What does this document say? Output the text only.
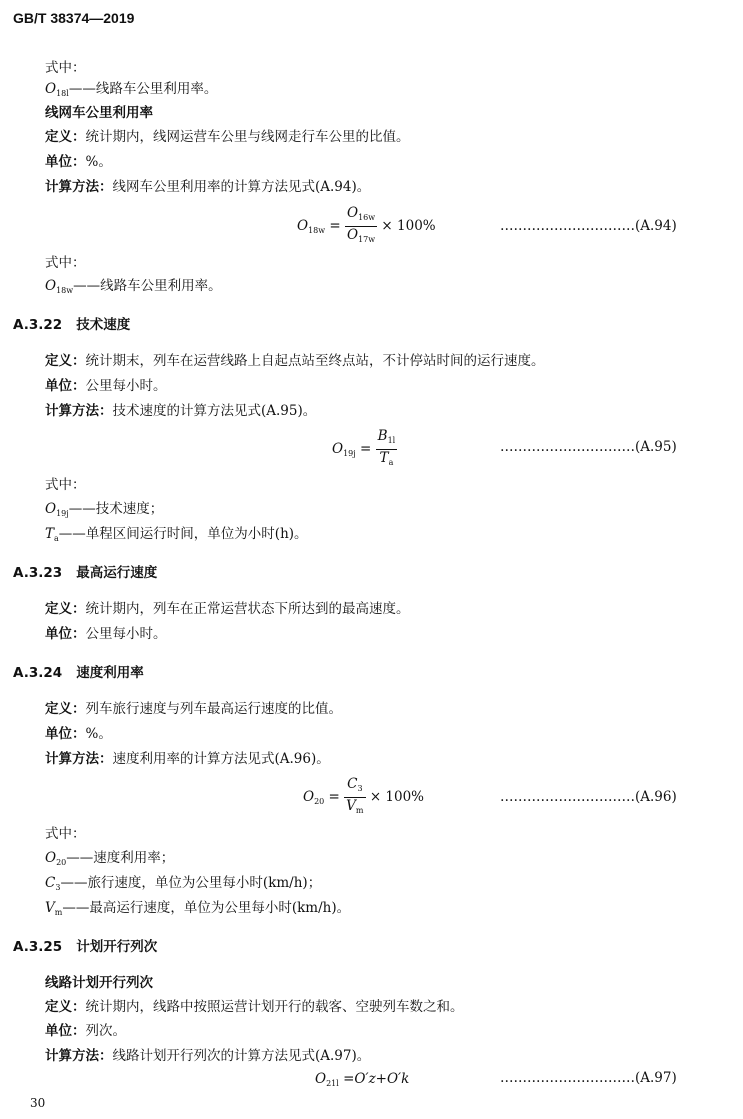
GB/T 38374—2019
式中：
$O_{18l}——$线路车公里利用率。
线网车公里利用率
定义：统计期内，线网运营车公里与线网走行车公里的比值。
单位：%。
计算方法：线网车公里利用率的计算方法见式(A.94)。
$O_{18w} = \frac{O_{16w}}{O_{17w}} \times 100\%$	…………………………(A.94)
式中：
$O_{18w}——$线路车公里利用率。
A.3.22 技术速度
定义：统计期末，列车在运营线路上自起点站至终点站，不计停站时间的运行速度。
单位：公里每小时。
计算方法：技术速度的计算方法见式(A.95)。
$O_{19j} = \frac{B_{1l}}{T_a}$	…………………………(A.95)
式中：
$O_{19j}——$技术速度；
$T_a——$单程区间运行时间，单位为小时(h)。
A.3.23 最高运行速度
定义：统计期内，列车在正常运营状态下所达到的最高速度。
单位：公里每小时。
A.3.24 速度利用率
定义：列车旅行速度与列车最高运行速度的比值。
单位：%。
计算方法：速度利用率的计算方法见式(A.96)。
$O_{20} = \frac{C_3}{V_m} \times 100\%$	…………………………(A.96)
式中：
$O_{20}——$速度利用率；
$C_3——$旅行速度，单位为公里每小时(km/h)；
$V_m——$最高运行速度，单位为公里每小时(km/h)。
A.3.25 计划开行列次
线路计划开行列次
定义：统计期内，线路中按照运营计划开行的载客、空驶列车数之和。
单位：列次。
计算方法：线路计划开行列次的计算方法见式(A.97)。
$O_{21l} =O'z+O'k$	…………………………(A.97)
30
